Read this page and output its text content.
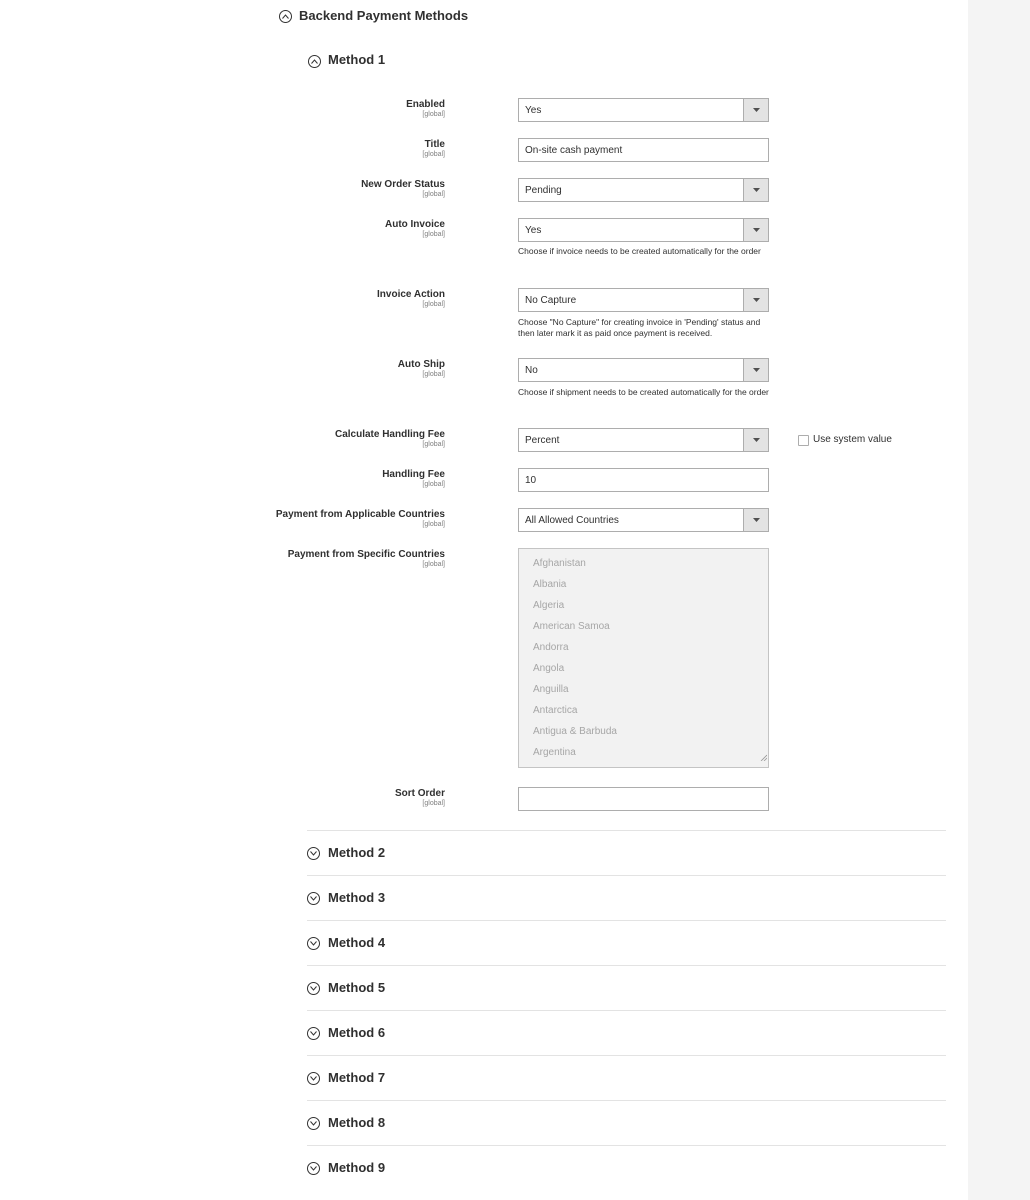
Backend Payment Methods
Method 1
Enabled
[global]	Yes
Title
[global]	On-site cash payment
New Order Status
[global]	Pending
Auto Invoice
[global]	Yes
Choose if invoice needs to be created automatically for the order
Invoice Action
[global]	No Capture
Choose "No Capture" for creating invoice in 'Pending' status and then later mark it as paid once payment is received.
Auto Ship
[global]	No
Choose if shipment needs to be created automatically for the order
Calculate Handling Fee
[global]	Percent	Use system value
Handling Fee
[global]	10
Payment from Applicable Countries
[global]	All Allowed Countries
Payment from Specific Countries
[global]	Afghanistan
Albania
Algeria
American Samoa
Andorra
Angola
Anguilla
Antarctica
Antigua & Barbuda
Argentina
Sort Order
[global]
Method 2
Method 3
Method 4
Method 5
Method 6
Method 7
Method 8
Method 9
